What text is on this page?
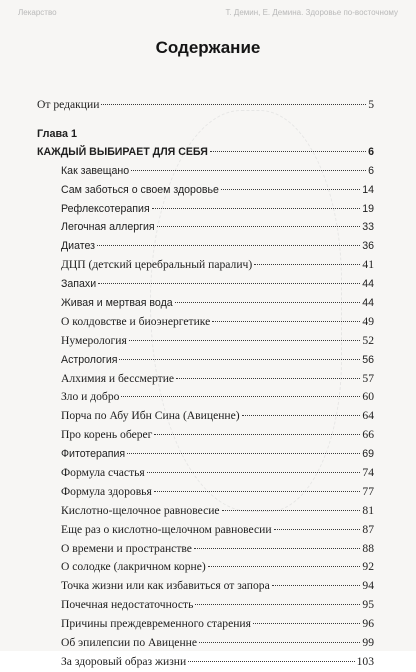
Лекарство	Т. Демин, Е. Демина. Здоровье по-восточному
Содержание
От редакции	5
Глава 1
КАЖДЫЙ ВЫБИРАЕТ ДЛЯ СЕБЯ	6
Как завещано	6
Сам заботься о своем здоровье	14
Рефлексотерапия	19
Легочная аллергия	33
Диатез	36
ДЦП (детский церебральный паралич)	41
Запахи	44
Живая и мертвая вода	44
О колдовстве и биоэнергетике	49
Нумерология	52
Астрология	56
Алхимия и бессмертие	57
Зло и добро	60
Порча по Абу Ибн Сина (Авиценне)	64
Про корень оберег	66
Фитотерапия	69
Формула счастья	74
Формула здоровья	77
Кислотно-щелочное равновесие	81
Еще раз о кислотно-щелочном равновесии	87
О времени и пространстве	88
О солодке (лакричном корне)	92
Точка жизни или как избавиться от запора	94
Почечная недостаточность	95
Причины преждевременного старения	96
Об эпилепсии по Авиценне	99
За здоровый образ жизни	103
